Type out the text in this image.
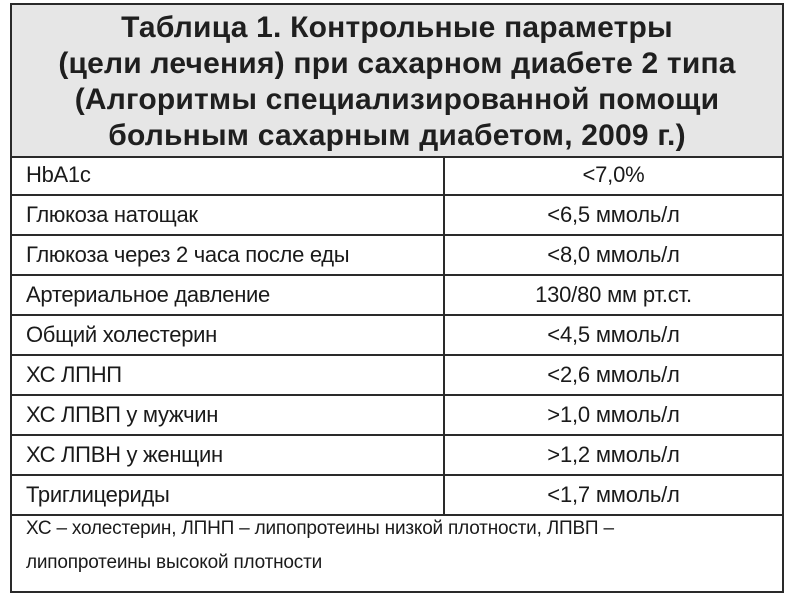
Таблица 1. Контрольные параметры
(цели лечения) при сахарном диабете 2 типа
(Алгоритмы специализированной помощи
больным сахарным диабетом, 2009 г.)
HbA1c	<7,0%
Глюкоза натощак	<6,5 ммоль/л
Глюкоза через 2 часа после еды	<8,0 ммоль/л
Артериальное давление	130/80 мм рт.ст.
Общий холестерин	<4,5 ммоль/л
ХС ЛПНП	<2,6 ммоль/л
ХС ЛПВП у мужчин	>1,0 ммоль/л
ХС ЛПВН у женщин	>1,2 ммоль/л
Триглицериды	<1,7 ммоль/л
ХС – холестерин, ЛПНП – липопротеины низкой плотности, ЛПВП –
липопротеины высокой плотности
